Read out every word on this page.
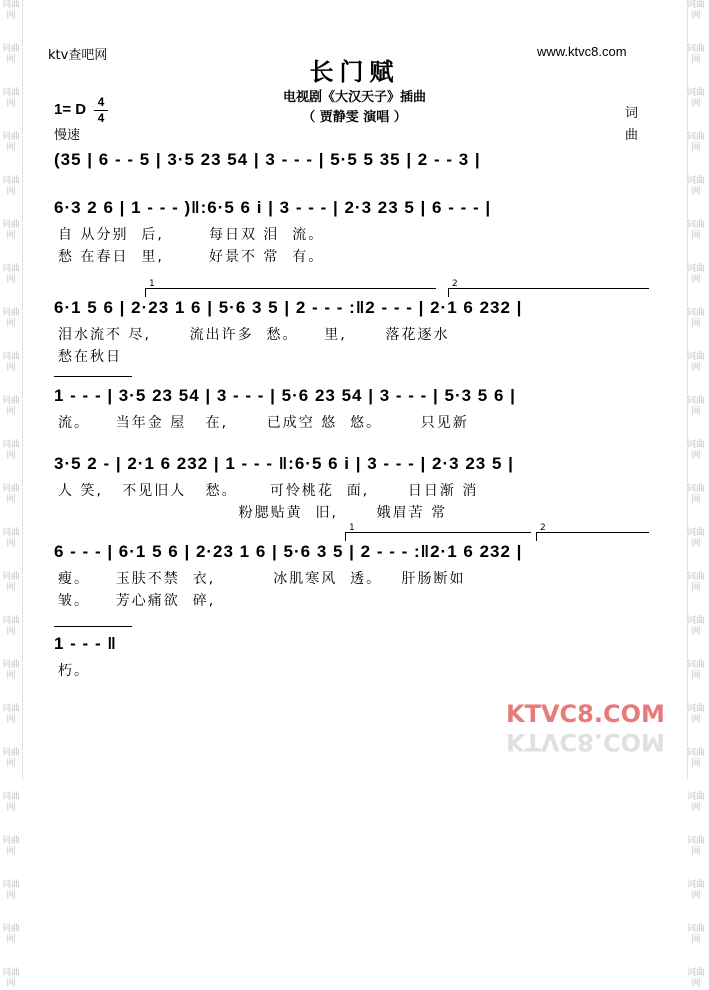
词曲网
词曲网
词曲网
词曲网
词曲网
词曲网
词曲网
词曲网
词曲网
词曲网
词曲网
词曲网
词曲网
词曲网
词曲网
词曲网
词曲网
词曲网
词曲网
词曲网
词曲网
词曲网
词曲网
词曲网
词曲网
词曲网
词曲网
词曲网
词曲网
词曲网
词曲网
词曲网
词曲网
词曲网
词曲网
词曲网
词曲网
词曲网
词曲网
词曲网
词曲网
词曲网
词曲网
词曲网
词曲网
词曲网
ktv查吧网	www.ktvc8.com
长门赋
电视剧《大汉天子》插曲
（ 贾静雯 演唱 ）
1= D 4
4
慢速
词
曲
(35 | 6 - - 5 | 3·5 23 54 | 3 - - - | 5·5 5 35 | 2 - - 3 |
6·3 2 6 | 1 - - - )‖:6·5 6 i | 3 - - - | 2·3 23 5 | 6 - - - |
自 从分别  后,       每日双 泪  流。
愁 在春日  里,       好景不 常  有。
1	2
6·1 5 6 | 2·23 1 6 | 5·6 3 5 | 2 - - - :‖2 - - - | 2·1 6 232 |
泪水流不 尽,      流出许多  愁。    里,      落花逐水
愁在秋日
1 - - - | 3·5 23 54 | 3 - - - | 5·6 23 54 | 3 - - - | 5·3 5 6 |
流。    当年金 屋   在,      已成空 悠  悠。      只见新
3·5 2 - | 2·1 6 232 | 1 - - - ‖:6·5 6 i | 3 - - - | 2·3 23 5 |
人 笑,   不见旧人   愁。     可怜桃花  面,      日日渐 消
粉腮贴黄  旧,      娥眉苦 常
1	2
6 - - - | 6·1 5 6 | 2·23 1 6 | 5·6 3 5 | 2 - - - :‖2·1 6 232 |
瘦。    玉肤不禁  衣,         冰肌寒风  透。   肝肠断如
皱。    芳心痛欲  碎,
1 - - - ‖
朽。
KTVC8.COM
KTVC8.COM
